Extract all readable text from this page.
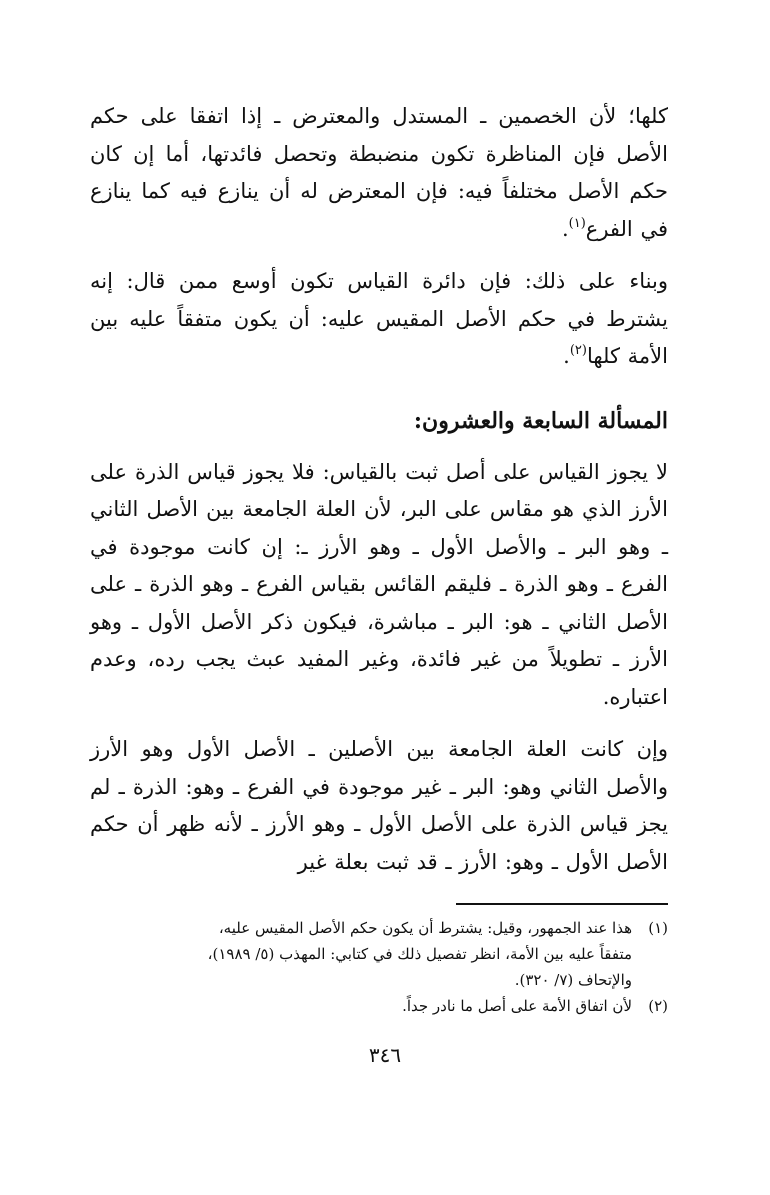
كلها؛ لأن الخصمين ـ المستدل والمعترض ـ إذا اتفقا على حكم الأصل فإن المناظرة تكون منضبطة وتحصل فائدتها، أما إن كان حكم الأصل مختلفاً فيه: فإن المعترض له أن ينازع فيه كما ينازع في الفرع$^{(١)}$.

وبناء على ذلك: فإن دائرة القياس تكون أوسع ممن قال: إنه يشترط في حكم الأصل المقيس عليه: أن يكون متفقاً عليه بين الأمة كلها$^{(٢)}$.

المسألة السابعة والعشرون:

لا يجوز القياس على أصل ثبت بالقياس: فلا يجوز قياس الذرة على الأرز الذي هو مقاس على البر، لأن العلة الجامعة بين الأصل الثاني ـ وهو البر ـ والأصل الأول ـ وهو الأرز ـ: إن كانت موجودة في الفرع ـ وهو الذرة ـ فليقم القائس بقياس الفرع ـ وهو الذرة ـ على الأصل الثاني ـ هو: البر ـ مباشرة، فيكون ذكر الأصل الأول ـ وهو الأرز ـ تطويلاً من غير فائدة، وغير المفيد عبث يجب رده، وعدم اعتباره.

وإن كانت العلة الجامعة بين الأصلين ـ الأصل الأول وهو الأرز والأصل الثاني وهو: البر ـ غير موجودة في الفرع ـ وهو: الذرة ـ لم يجز قياس الذرة على الأصل الأول ـ وهو الأرز ـ لأنه ظهر أن حكم الأصل الأول ـ وهو: الأرز ـ قد ثبت بعلة غير

(١)
هذا عند الجمهور، وقيل: يشترط أن يكون حكم الأصل المقيس عليه،
متفقاً عليه بين الأمة، انظر تفصيل ذلك في كتابي: المهذب (٥/ ١٩٨٩)،
والإتحاف (٧/ ٣٢٠).
(٢)
لأن اتفاق الأمة على أصل ما نادر جداً.
٣٤٦
